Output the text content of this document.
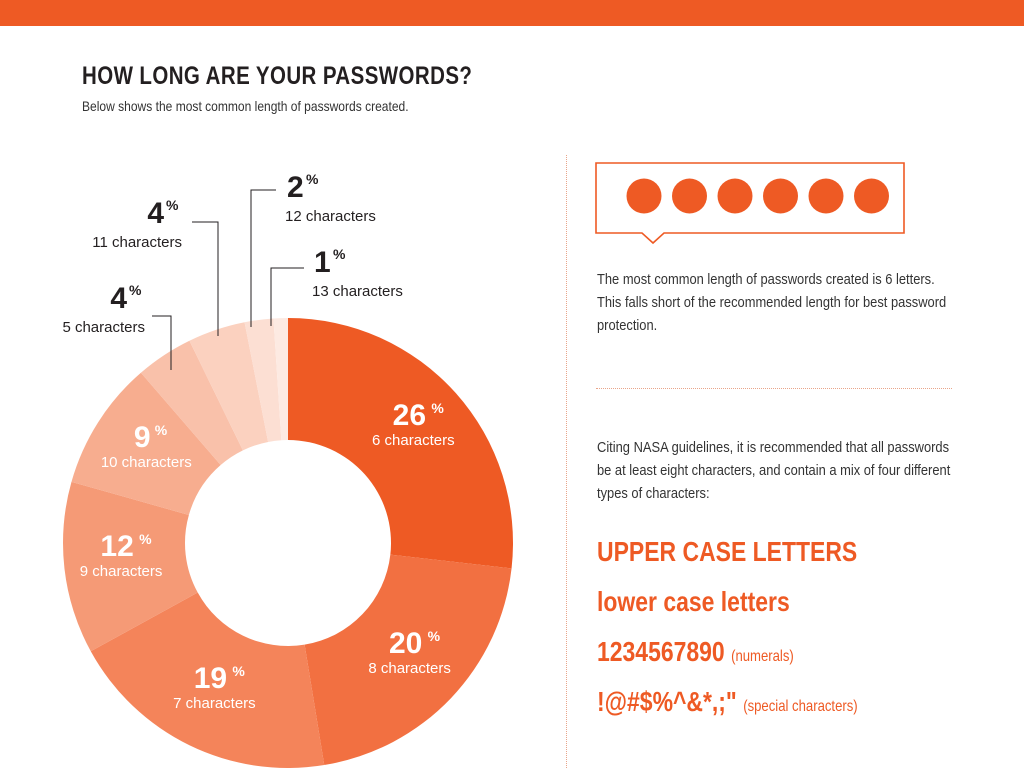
HOW LONG ARE YOUR PASSWORDS?

Below shows the most common length of passwords created.

26 %
6 characters
20 %
8 characters
19 %
7 characters
12 %
9 characters
9 %
10 characters
4 %
5 characters
4 %
11 characters
2 %
12 characters
1 %
13 characters

The most common length of passwords created is 6 letters. This falls short of the recommended length for best password protection.

Citing NASA guidelines, it is recommended that all passwords be at least eight characters, and contain a mix of four different types of characters:

UPPER CASE LETTERS

lower case letters

1234567890 (numerals)

!@#$%^&*,;" (special characters)
